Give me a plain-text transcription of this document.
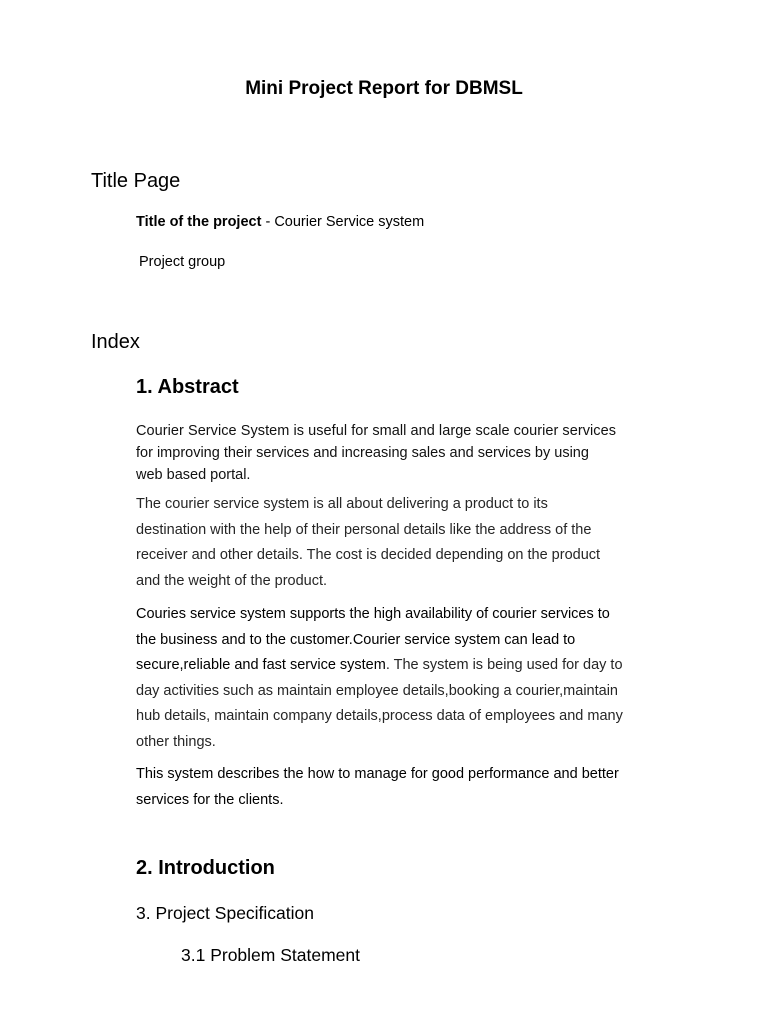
Mini Project Report for DBMSL
Title Page
Title of the project - Courier Service system
Project group
Index
1. Abstract
Courier Service System is useful for small and large scale courier services
for improving their services and increasing sales and services by using
web based portal.
The courier service system is all about delivering a product to its
destination with the help of their personal details like the address of the
receiver and other details. The cost is decided depending on the product
and the weight of the product.
Couries service system supports the high availability of courier services to
the business and to the customer.Courier service system can lead to
secure,reliable and fast service system. The system is being used for day to
day activities such as maintain employee details,booking a courier,maintain
hub details, maintain company details,process data of employees and many
other things.
This system describes the how to manage for good performance and better
services for the clients.
2. Introduction
3. Project Specification
3.1 Problem Statement
